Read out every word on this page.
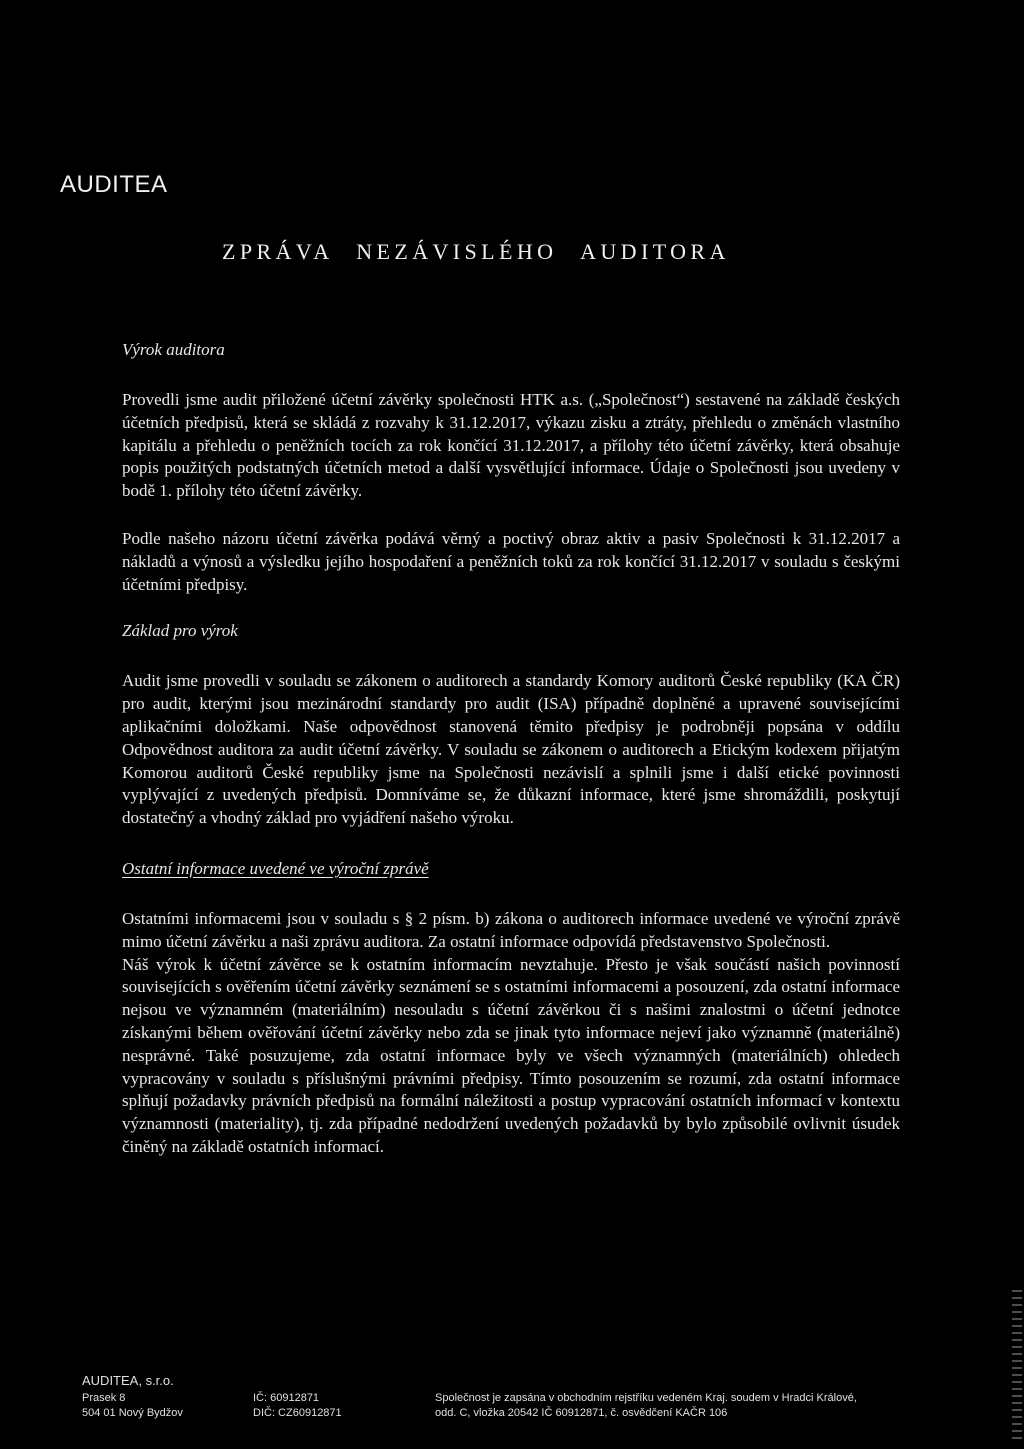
AUDITEA
ZPRÁVA NEZÁVISLÉHO AUDITORA
Výrok auditora

Provedli jsme audit přiložené účetní závěrky společnosti HTK a.s. („Společnost“) sestavené na základě českých účetních předpisů, která se skládá z rozvahy k 31.12.2017, výkazu zisku a ztráty, přehledu o změnách vlastního kapitálu a přehledu o peněžních tocích za rok končící 31.12.2017, a přílohy této účetní závěrky, která obsahuje popis použitých podstatných účetních metod a další vysvětlující informace. Údaje o Společnosti jsou uvedeny v bodě 1. přílohy této účetní závěrky.

Podle našeho názoru účetní závěrka podává věrný a poctivý obraz aktiv a pasiv Společnosti k 31.12.2017 a nákladů a výnosů a výsledku jejího hospodaření a peněžních toků za rok končící 31.12.2017 v souladu s českými účetními předpisy.

Základ pro výrok

Audit jsme provedli v souladu se zákonem o auditorech a standardy Komory auditorů České republiky (KA ČR) pro audit, kterými jsou mezinárodní standardy pro audit (ISA) případně doplněné a upravené souvisejícími aplikačními doložkami. Naše odpovědnost stanovená těmito předpisy je podrobněji popsána v oddílu Odpovědnost auditora za audit účetní závěrky. V souladu se zákonem o auditorech a Etickým kodexem přijatým Komorou auditorů České republiky jsme na Společnosti nezávislí a splnili jsme i další etické povinnosti vyplývající z uvedených předpisů. Domníváme se, že důkazní informace, které jsme shromáždili, poskytují dostatečný a vhodný základ pro vyjádření našeho výroku.

Ostatní informace uvedené ve výroční zprávě

Ostatními informacemi jsou v souladu s § 2 písm. b) zákona o auditorech informace uvedené ve výroční zprávě mimo účetní závěrku a naši zprávu auditora. Za ostatní informace odpovídá představenstvo Společnosti.

Náš výrok k účetní závěrce se k ostatním informacím nevztahuje. Přesto je však součástí našich povinností souvisejících s ověřením účetní závěrky seznámení se s ostatními informacemi a posouzení, zda ostatní informace nejsou ve významném (materiálním) nesouladu s účetní závěrkou či s našimi znalostmi o účetní jednotce získanými během ověřování účetní závěrky nebo zda se jinak tyto informace nejeví jako významně (materiálně) nesprávné. Také posuzujeme, zda ostatní informace byly ve všech významných (materiálních) ohledech vypracovány v souladu s příslušnými právními předpisy. Tímto posouzením se rozumí, zda ostatní informace splňují požadavky právních předpisů na formální náležitosti a postup vypracování ostatních informací v kontextu významnosti (materiality), tj. zda případné nedodržení uvedených požadavků by bylo způsobilé ovlivnit úsudek činěný na základě ostatních informací.

AUDITEA, s.r.o.
Prasek 8
504 01 Nový Bydžov
IČ: 60912871
DIČ: CZ60912871
Společnost je zapsána v obchodním rejstříku vedeném Kraj. soudem v Hradci Králové,
odd. C, vložka 20542 IČ 60912871, č. osvědčení KAČR 106
